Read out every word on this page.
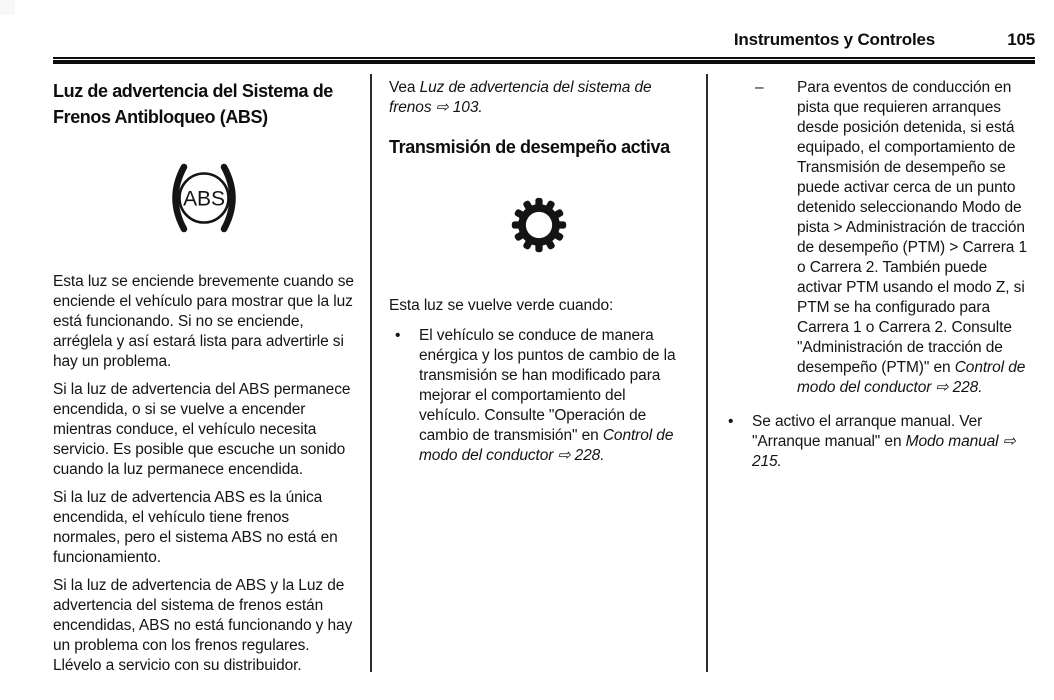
Instrumentos y Controles	105
Luz de advertencia del Sistema de Frenos Antibloqueo (ABS)
ABS

Esta luz se enciende brevemente cuando se enciende el vehículo para mostrar que la luz está funcionando. Si no se enciende, arréglela y así estará lista para advertirle si hay un problema.

Si la luz de advertencia del ABS permanece encendida, o si se vuelve a encender mientras conduce, el vehículo necesita servicio. Es posible que escuche un sonido cuando la luz permanece encendida.

Si la luz de advertencia ABS es la única encendida, el vehículo tiene frenos normales, pero el sistema ABS no está en funcionamiento.

Si la luz de advertencia de ABS y la Luz de advertencia del sistema de frenos están encendidas, ABS no está funcionando y hay un problema con los frenos regulares. Llévelo a servicio con su distribuidor.

Vea Luz de advertencia del sistema de frenos ⇨ 103.

Transmisión de desempeño activa

Esta luz se vuelve verde cuando:

• El vehículo se conduce de manera enérgica y los puntos de cambio de la transmisión se han modificado para mejorar el comportamiento del vehículo. Consulte "Operación de cambio de transmisión" en Control de modo del conductor ⇨ 228.
– Para eventos de conducción en pista que requieren arranques desde posición detenida, si está equipado, el comportamiento de Transmisión de desempeño se puede activar cerca de un punto detenido seleccionando Modo de pista > Administración de tracción de desempeño (PTM) > Carrera 1 o Carrera 2. También puede activar PTM usando el modo Z, si PTM se ha configurado para Carrera 1 o Carrera 2. Consulte "Administración de tracción de desempeño (PTM)" en Control de modo del conductor ⇨ 228.
• Se activo el arranque manual. Ver "Arranque manual" en Modo manual ⇨ 215.
